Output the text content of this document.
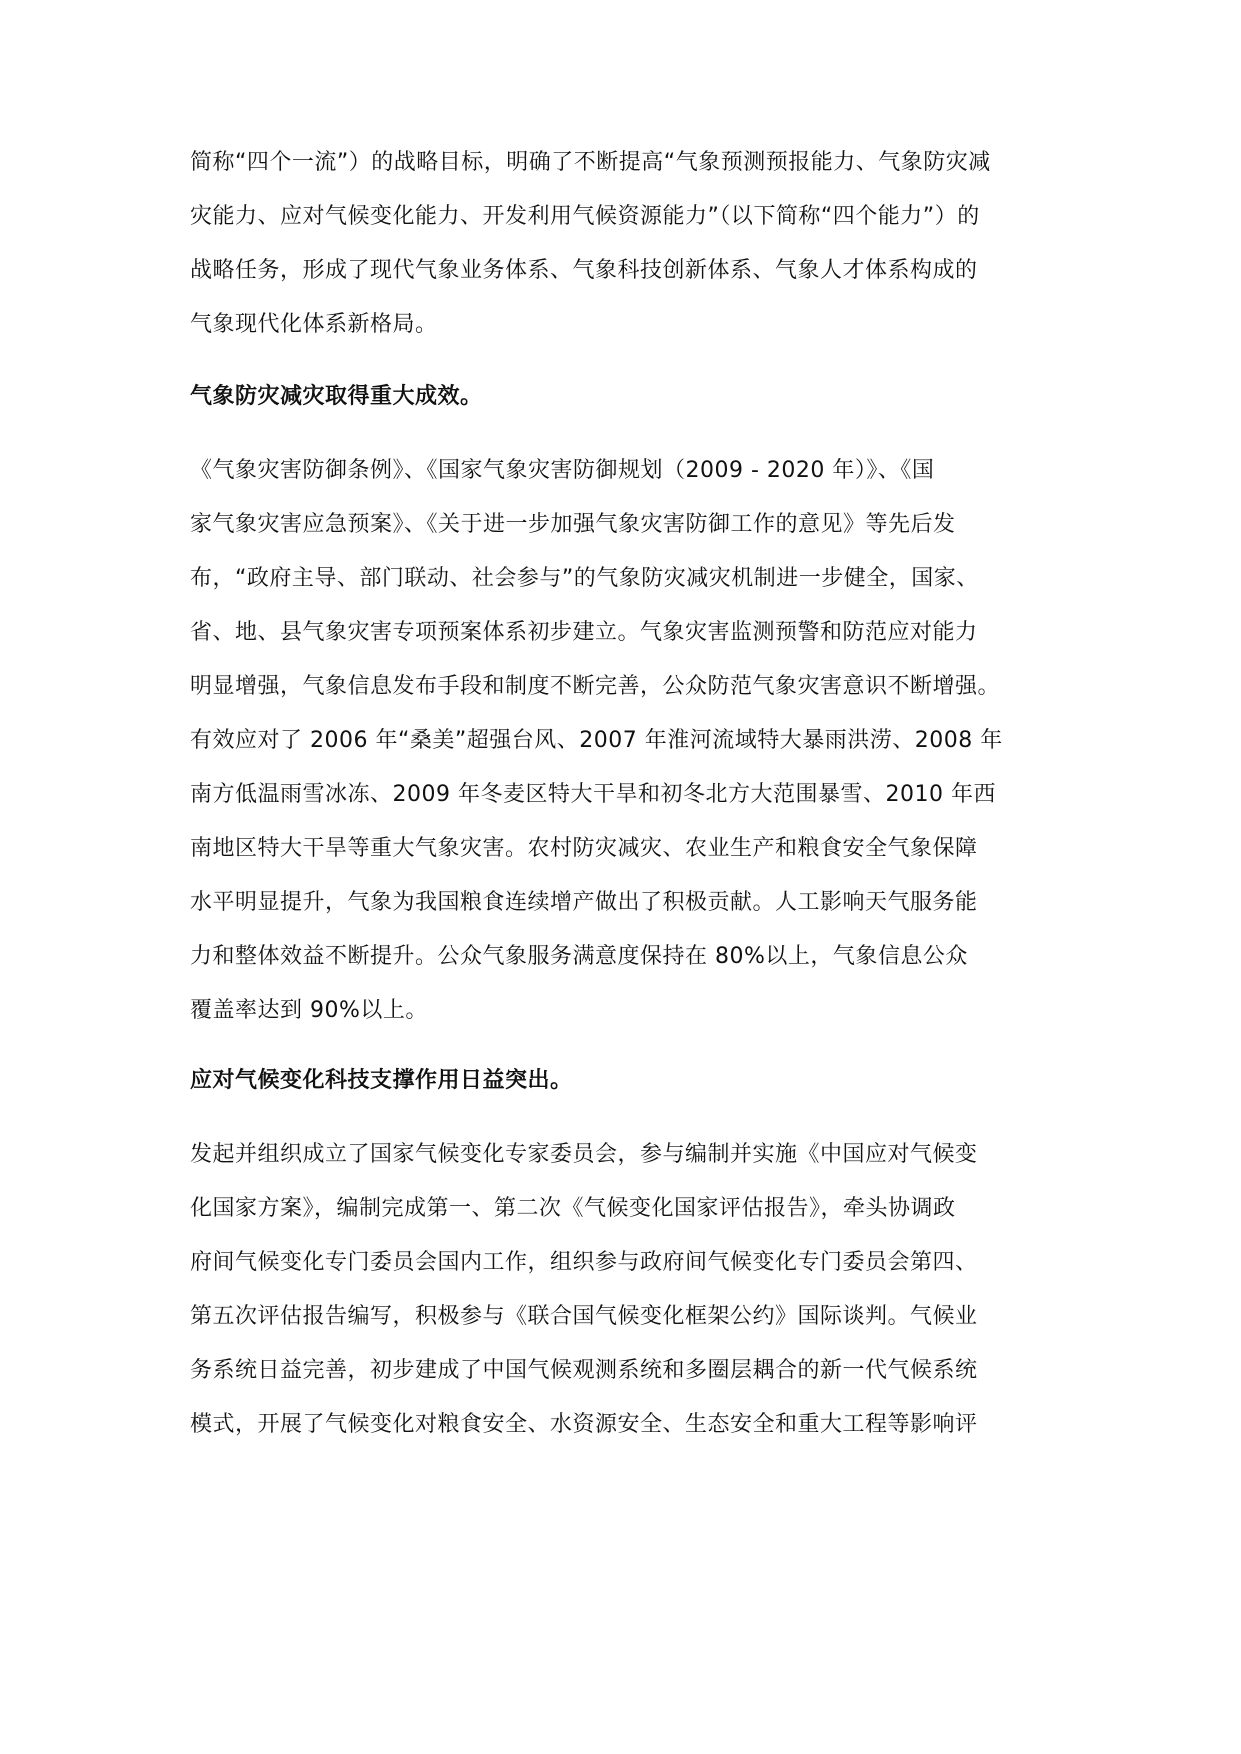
简称“四个一流”）的战略目标，明确了不断提高“气象预测预报能力、气象防灾减
灾能力、应对气候变化能力、开发利用气候资源能力”（以下简称“四个能力”）的
战略任务，形成了现代气象业务体系、气象科技创新体系、气象人才体系构成的
气象现代化体系新格局。
气象防灾减灾取得重大成效。
《气象灾害防御条例》、《国家气象灾害防御规划（2009 - 2020 年）》、《国
家气象灾害应急预案》、《关于进一步加强气象灾害防御工作的意见》等先后发
布，“政府主导、部门联动、社会参与”的气象防灾减灾机制进一步健全，国家、
省、地、县气象灾害专项预案体系初步建立。气象灾害监测预警和防范应对能力
明显增强，气象信息发布手段和制度不断完善，公众防范气象灾害意识不断增强。
有效应对了 2006 年“桑美”超强台风、2007 年淮河流域特大暴雨洪涝、2008 年
南方低温雨雪冰冻、2009 年冬麦区特大干旱和初冬北方大范围暴雪、2010 年西
南地区特大干旱等重大气象灾害。农村防灾减灾、农业生产和粮食安全气象保障
水平明显提升，气象为我国粮食连续增产做出了积极贡献。人工影响天气服务能
力和整体效益不断提升。公众气象服务满意度保持在 80%以上，气象信息公众
覆盖率达到 90%以上。
应对气候变化科技支撑作用日益突出。
发起并组织成立了国家气候变化专家委员会，参与编制并实施《中国应对气候变
化国家方案》，编制完成第一、第二次《气候变化国家评估报告》，牵头协调政
府间气候变化专门委员会国内工作，组织参与政府间气候变化专门委员会第四、
第五次评估报告编写，积极参与《联合国气候变化框架公约》国际谈判。气候业
务系统日益完善，初步建成了中国气候观测系统和多圈层耦合的新一代气候系统
模式，开展了气候变化对粮食安全、水资源安全、生态安全和重大工程等影响评
